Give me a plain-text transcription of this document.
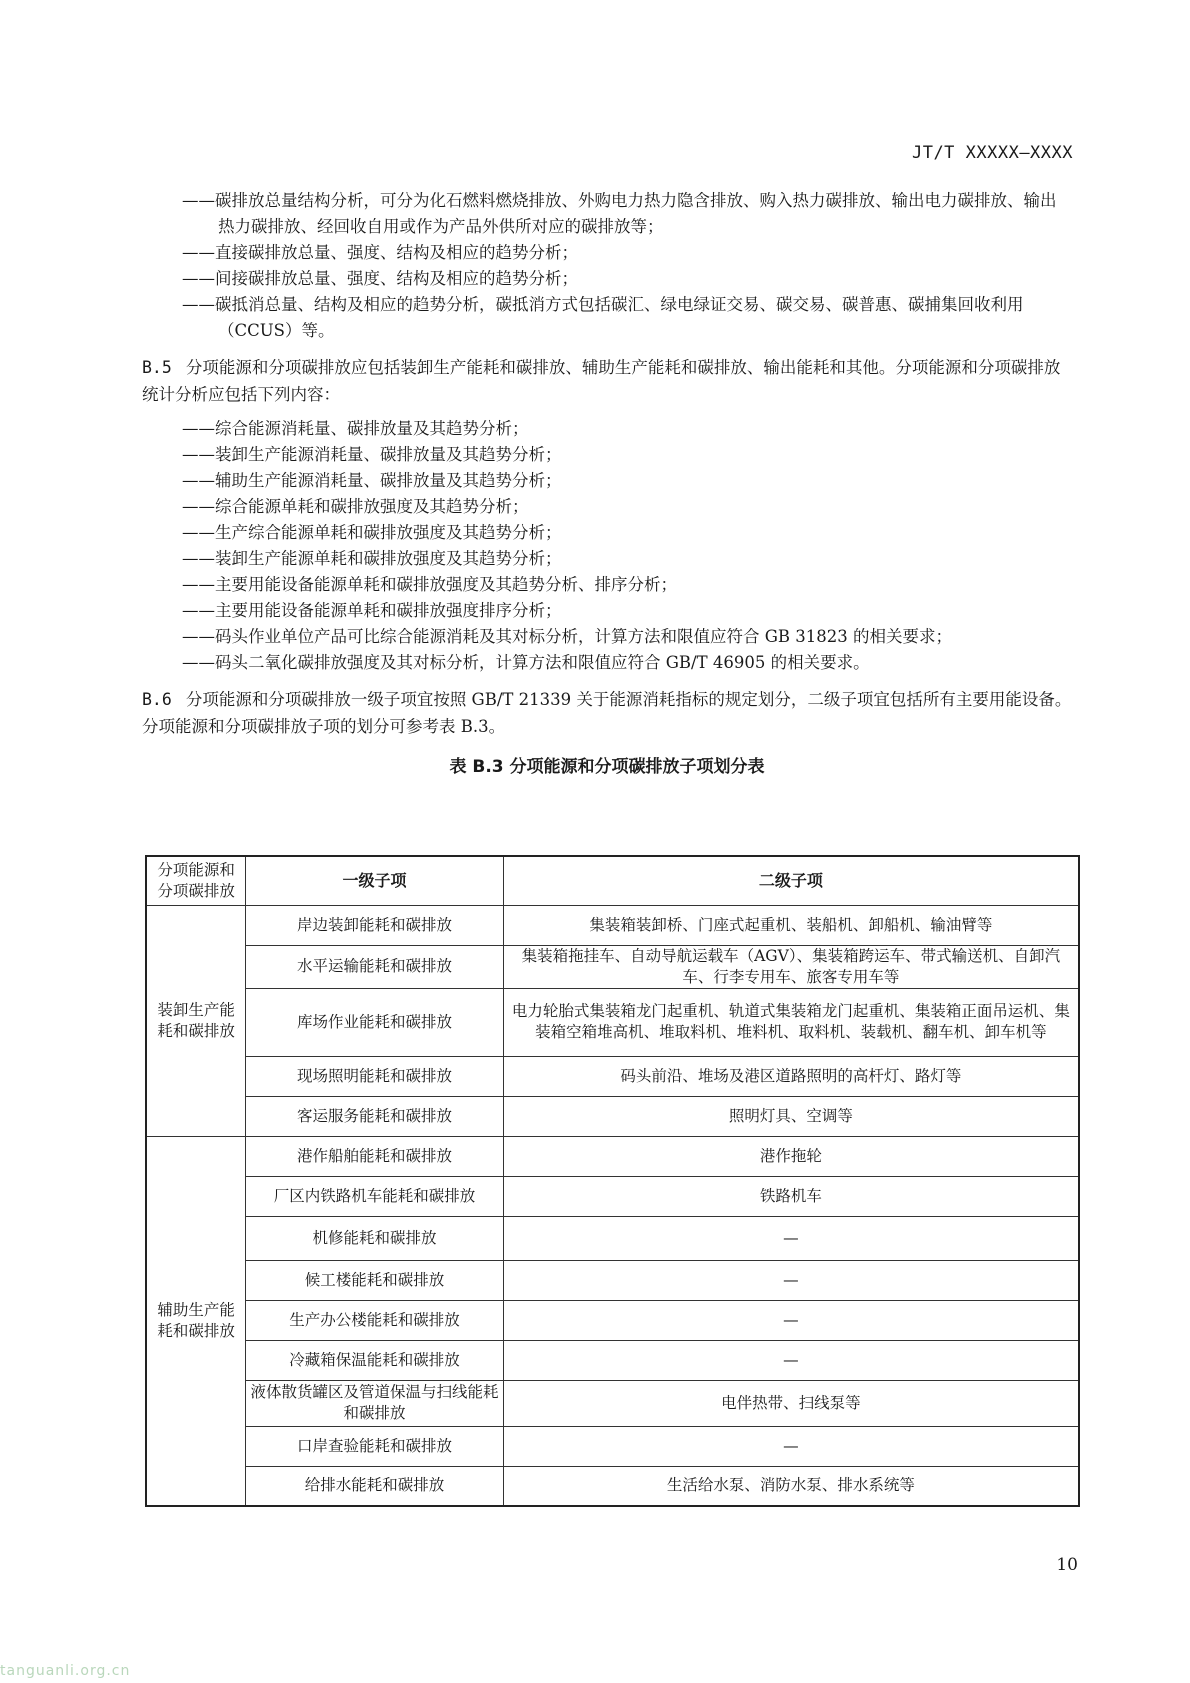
JT/T XXXXX—XXXX
——碳排放总量结构分析，可分为化石燃料燃烧排放、外购电力热力隐含排放、购入热力碳排放、输出电力碳排放、输出热力碳排放、经回收自用或作为产品外供所对应的碳排放等；
——直接碳排放总量、强度、结构及相应的趋势分析；
——间接碳排放总量、强度、结构及相应的趋势分析；
——碳抵消总量、结构及相应的趋势分析，碳抵消方式包括碳汇、绿电绿证交易、碳交易、碳普惠、碳捕集回收利用（CCUS）等。
B.5 分项能源和分项碳排放应包括装卸生产能耗和碳排放、辅助生产能耗和碳排放、输出能耗和其他。分项能源和分项碳排放统计分析应包括下列内容：
——综合能源消耗量、碳排放量及其趋势分析；
——装卸生产能源消耗量、碳排放量及其趋势分析；
——辅助生产能源消耗量、碳排放量及其趋势分析；
——综合能源单耗和碳排放强度及其趋势分析；
——生产综合能源单耗和碳排放强度及其趋势分析；
——装卸生产能源单耗和碳排放强度及其趋势分析；
——主要用能设备能源单耗和碳排放强度及其趋势分析、排序分析；
——主要用能设备能源单耗和碳排放强度排序分析；
——码头作业单位产品可比综合能源消耗及其对标分析，计算方法和限值应符合 GB 31823 的相关要求；
——码头二氧化碳排放强度及其对标分析，计算方法和限值应符合 GB/T 46905 的相关要求。
B.6 分项能源和分项碳排放一级子项宜按照 GB/T 21339 关于能源消耗指标的规定划分，二级子项宜包括所有主要用能设备。分项能源和分项碳排放子项的划分可参考表 B.3。
表 B.3 分项能源和分项碳排放子项划分表
分项能源和分项碳排放	一级子项	二级子项
装卸生产能耗和碳排放	岸边装卸能耗和碳排放	集装箱装卸桥、门座式起重机、装船机、卸船机、输油臂等
	水平运输能耗和碳排放	集装箱拖挂车、自动导航运载车（AGV）、集装箱跨运车、带式输送机、自卸汽车、行李专用车、旅客专用车等
	库场作业能耗和碳排放	电力轮胎式集装箱龙门起重机、轨道式集装箱龙门起重机、集装箱正面吊运机、集装箱空箱堆高机、堆取料机、堆料机、取料机、装载机、翻车机、卸车机等
	现场照明能耗和碳排放	码头前沿、堆场及港区道路照明的高杆灯、路灯等
	客运服务能耗和碳排放	照明灯具、空调等
辅助生产能耗和碳排放	港作船舶能耗和碳排放	港作拖轮
	厂区内铁路机车能耗和碳排放	铁路机车
	机修能耗和碳排放	—
	候工楼能耗和碳排放	—
	生产办公楼能耗和碳排放	—
	冷藏箱保温能耗和碳排放	—
	液体散货罐区及管道保温与扫线能耗和碳排放	电伴热带、扫线泵等
	口岸查验能耗和碳排放	—
	给排水能耗和碳排放	生活给水泵、消防水泵、排水系统等
10
tanguanli.org.cn
